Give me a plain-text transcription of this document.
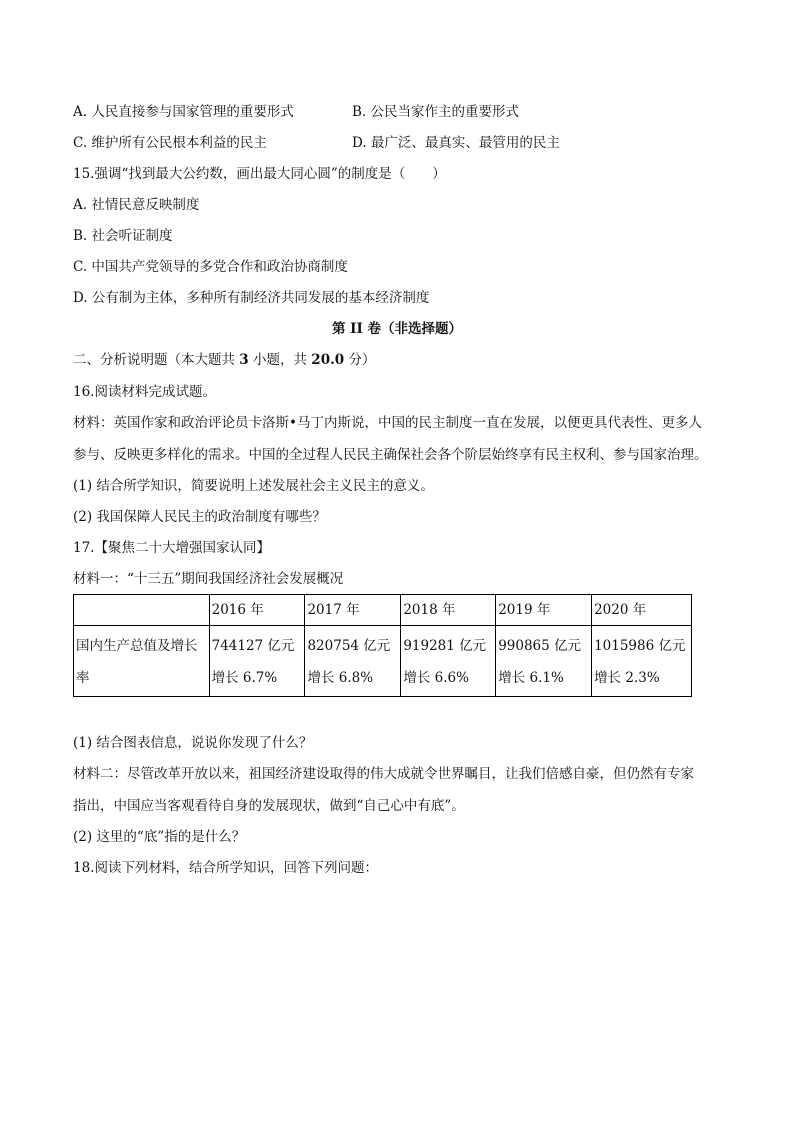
A. 人民直接参与国家管理的重要形式	B. 公民当家作主的重要形式
C. 维护所有公民根本利益的民主	D. 最广泛、最真实、最管用的民主
15.强调“找到最大公约数，画出最大同心圆”的制度是（　　）
A. 社情民意反映制度
B. 社会听证制度
C. 中国共产党领导的多党合作和政治协商制度
D. 公有制为主体，多种所有制经济共同发展的基本经济制度
第 II 卷（非选择题）
二、分析说明题（本大题共 3 小题，共 20.0 分）
16.阅读材料完成试题。
材料：英国作家和政治评论员卡洛斯•马丁内斯说，中国的民主制度一直在发展，以便更具代表性、更多人
参与、反映更多样化的需求。中国的全过程人民民主确保社会各个阶层始终享有民主权利、参与国家治理。
(1) 结合所学知识，简要说明上述发展社会主义民主的意义。
(2) 我国保障人民民主的政治制度有哪些？
17.【聚焦二十大增强国家认同】
材料一：“十三五”期间我国经济社会发展概况
	2016 年	2017 年	2018 年	2019 年	2020 年
国内生产总值及增长率	744127 亿元增长 6.7%	820754 亿元增长 6.8%	919281 亿元增长 6.6%	990865 亿元增长 6.1%	1015986 亿元增长 2.3%
(1) 结合图表信息，说说你发现了什么？
材料二：尽管改革开放以来，祖国经济建设取得的伟大成就令世界瞩目，让我们倍感自豪，但仍然有专家
指出，中国应当客观看待自身的发展现状，做到“自己心中有底”。
(2) 这里的“底”指的是什么？
18.阅读下列材料，结合所学知识，回答下列问题：
